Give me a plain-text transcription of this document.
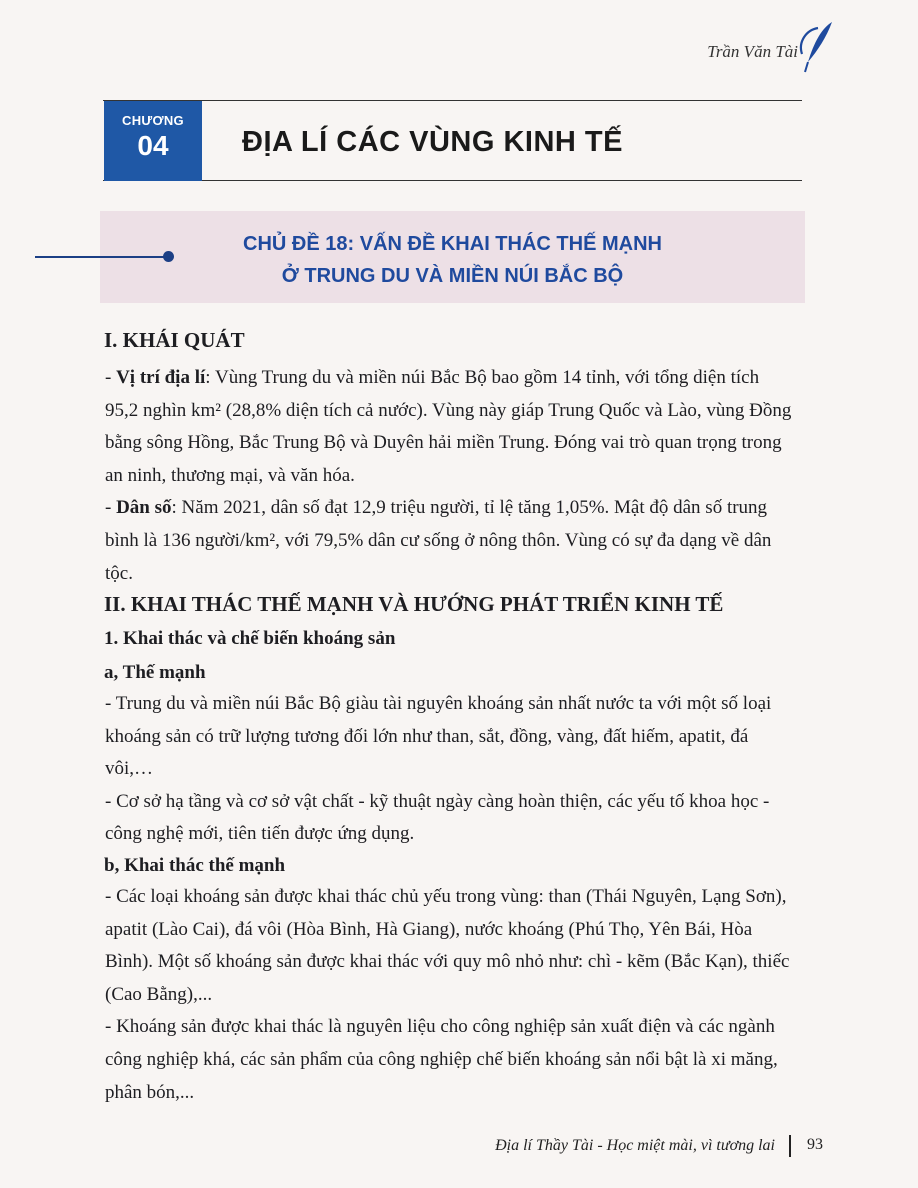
Trần Văn Tài
CHƯƠNG
04	ĐỊA LÍ CÁC VÙNG KINH TẾ
CHỦ ĐỀ 18: VẤN ĐỀ KHAI THÁC THẾ MẠNH
Ở TRUNG DU VÀ MIỀN NÚI BẮC BỘ
I. KHÁI QUÁT

- Vị trí địa lí: Vùng Trung du và miền núi Bắc Bộ bao gồm 14 tỉnh, với tổng diện tích 95,2 nghìn km² (28,8% diện tích cả nước). Vùng này giáp Trung Quốc và Lào, vùng Đồng bằng sông Hồng, Bắc Trung Bộ và Duyên hải miền Trung. Đóng vai trò quan trọng trong an ninh, thương mại, và văn hóa.

- Dân số: Năm 2021, dân số đạt 12,9 triệu người, tỉ lệ tăng 1,05%. Mật độ dân số trung bình là 136 người/km², với 79,5% dân cư sống ở nông thôn. Vùng có sự đa dạng về dân tộc.

II. KHAI THÁC THẾ MẠNH VÀ HƯỚNG PHÁT TRIỂN KINH TẾ
1. Khai thác và chế biến khoáng sản
a, Thế mạnh

- Trung du và miền núi Bắc Bộ giàu tài nguyên khoáng sản nhất nước ta với một số loại khoáng sản có trữ lượng tương đối lớn như than, sắt, đồng, vàng, đất hiếm, apatit, đá vôi,…

- Cơ sở hạ tầng và cơ sở vật chất - kỹ thuật ngày càng hoàn thiện, các yếu tố khoa học - công nghệ mới, tiên tiến được ứng dụng.

b, Khai thác thế mạnh

- Các loại khoáng sản được khai thác chủ yếu trong vùng: than (Thái Nguyên, Lạng Sơn), apatit (Lào Cai), đá vôi (Hòa Bình, Hà Giang), nước khoáng (Phú Thọ, Yên Bái, Hòa Bình). Một số khoáng sản được khai thác với quy mô nhỏ như: chì - kẽm (Bắc Kạn), thiếc (Cao Bằng),...

- Khoáng sản được khai thác là nguyên liệu cho công nghiệp sản xuất điện và các ngành công nghiệp khá, các sản phẩm của công nghiệp chế biến khoáng sản nổi bật là xi măng, phân bón,...

Địa lí Thầy Tài - Học miệt mài, vì tương lai 93
